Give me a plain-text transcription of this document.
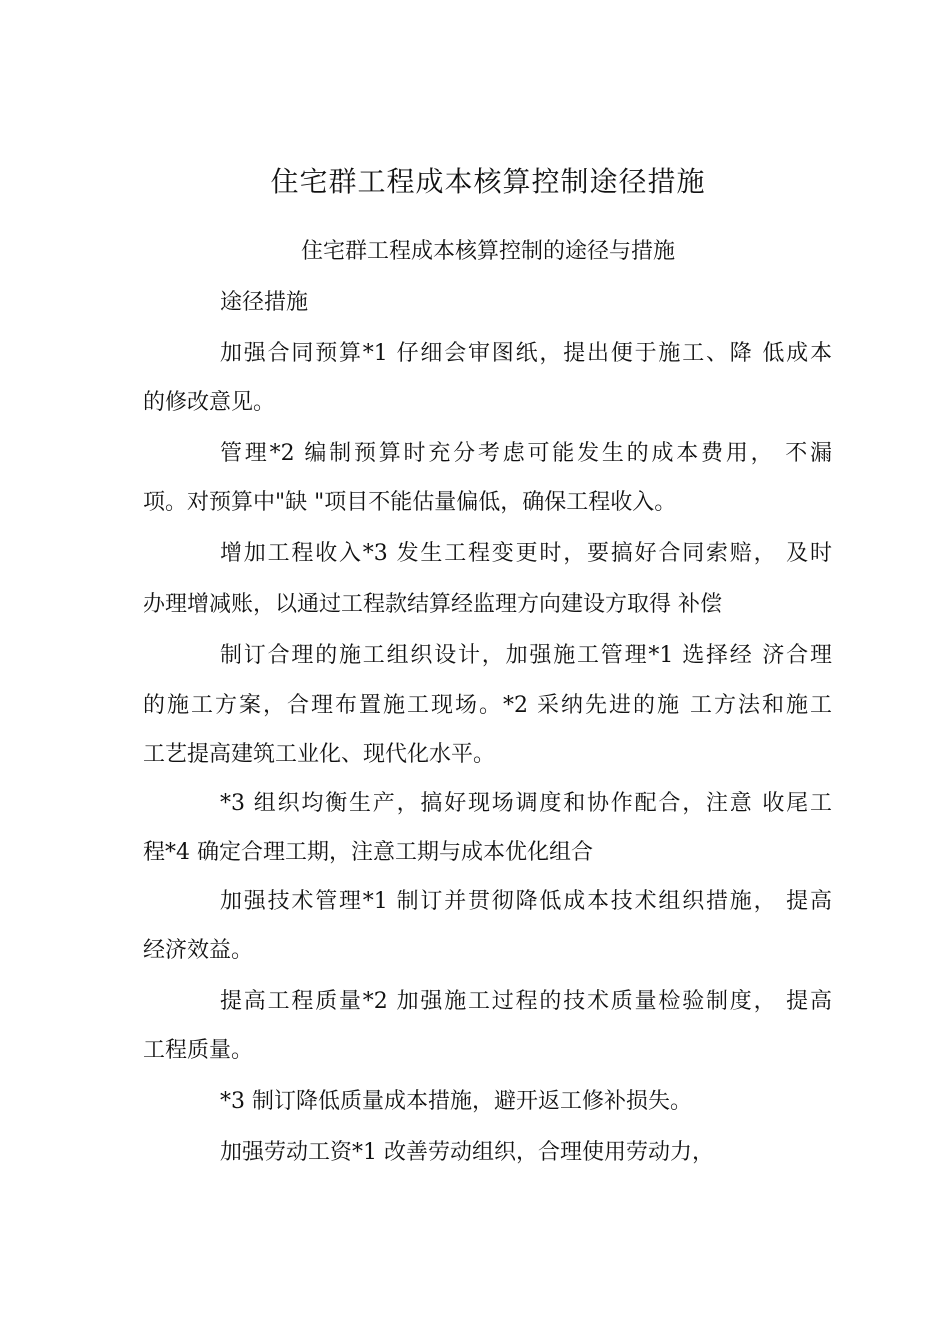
住宅群工程成本核算控制途径措施
住宅群工程成本核算控制的途径与措施
途径措施
加强合同预算*1 仔细会审图纸，提出便于施工、降 低成本
的修改意见。
管理*2 编制预算时充分考虑可能发生的成本费用， 不漏
项。对预算中"缺 "项目不能估量偏低，确保工程收入。
增加工程收入*3 发生工程变更时，要搞好合同索赔， 及时
办理增减账，以通过工程款结算经监理方向建设方取得 补偿
制订合理的施工组织设计，加强施工管理*1 选择经 济合理
的施工方案，合理布置施工现场。*2 采纳先进的施 工方法和施工
工艺提高建筑工业化、现代化水平。
*3 组织均衡生产，搞好现场调度和协作配合，注意 收尾工
程*4 确定合理工期，注意工期与成本优化组合
加强技术管理*1 制订并贯彻降低成本技术组织措施， 提高
经济效益。
提高工程质量*2 加强施工过程的技术质量检验制度， 提高
工程质量。
*3 制订降低质量成本措施，避开返工修补损失。
加强劳动工资*1 改善劳动组织，合理使用劳动力，
